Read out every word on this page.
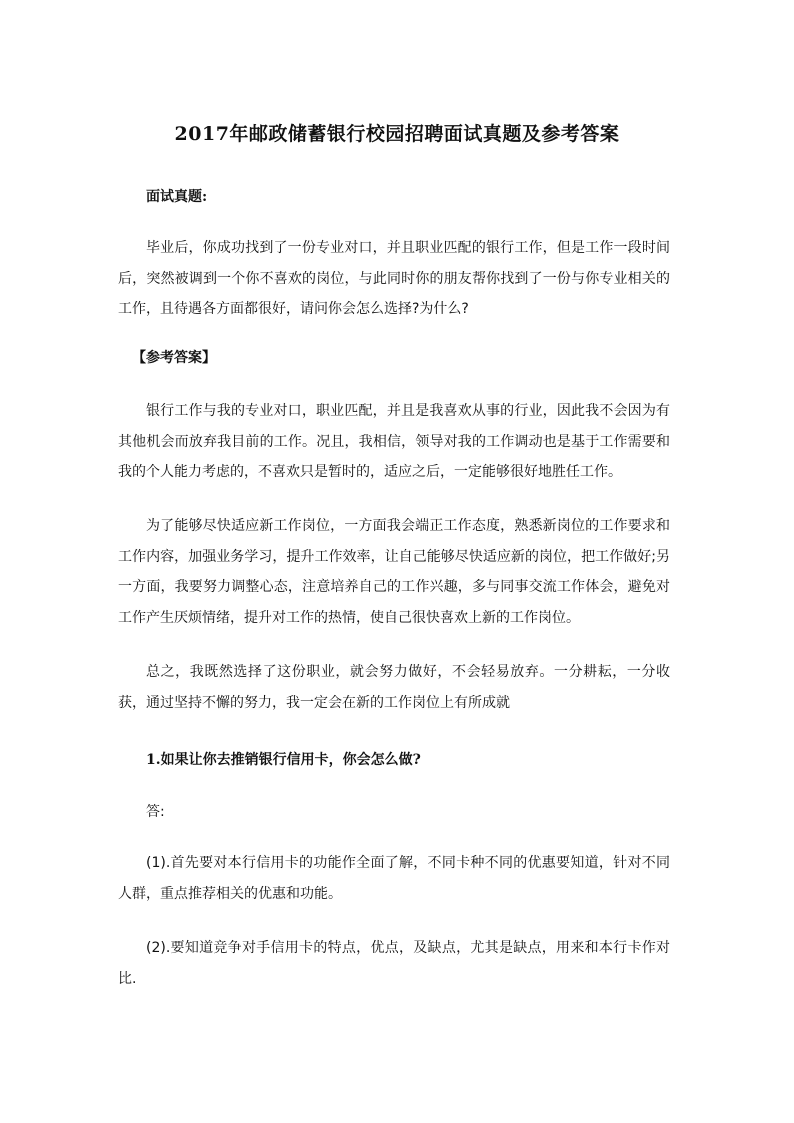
2017年邮政储蓄银行校园招聘面试真题及参考答案
面试真题:

毕业后，你成功找到了一份专业对口，并且职业匹配的银行工作，但是工作一段时间后，突然被调到一个你不喜欢的岗位，与此同时你的朋友帮你找到了一份与你专业相关的工作，且待遇各方面都很好，请问你会怎么选择?为什么?

【参考答案】

银行工作与我的专业对口，职业匹配，并且是我喜欢从事的行业，因此我不会因为有其他机会而放弃我目前的工作。况且，我相信，领导对我的工作调动也是基于工作需要和我的个人能力考虑的，不喜欢只是暂时的，适应之后，一定能够很好地胜任工作。

为了能够尽快适应新工作岗位，一方面我会端正工作态度，熟悉新岗位的工作要求和工作内容，加强业务学习，提升工作效率，让自己能够尽快适应新的岗位，把工作做好;另一方面，我要努力调整心态，注意培养自己的工作兴趣，多与同事交流工作体会，避免对工作产生厌烦情绪，提升对工作的热情，使自己很快喜欢上新的工作岗位。

总之，我既然选择了这份职业，就会努力做好，不会轻易放弃。一分耕耘，一分收获，通过坚持不懈的努力，我一定会在新的工作岗位上有所成就

1.如果让你去推销银行信用卡，你会怎么做?

答:

(1).首先要对本行信用卡的功能作全面了解，不同卡种不同的优惠要知道，针对不同人群，重点推荐相关的优惠和功能。

(2).要知道竞争对手信用卡的特点，优点，及缺点，尤其是缺点，用来和本行卡作对比.
